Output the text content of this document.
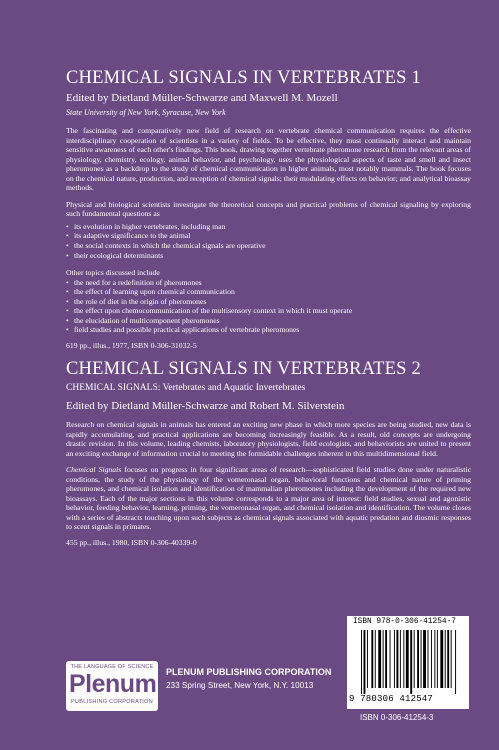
CHEMICAL SIGNALS IN VERTEBRATES 1

Edited by Dietland Müller-Schwarze and Maxwell M. Mozell

State University of New York, Syracuse, New York

The fascinating and comparatively new field of research on vertebrate chemical communication requires the effective interdisciplinary cooperation of scientists in a variety of fields. To be effective, they must continually interact and maintain sensitive awareness of each other's findings. This book, drawing together vertebrate pheromone research from the relevant areas of physiology, chemistry, ecology, animal behavior, and psychology, uses the physiological aspects of taste and smell and insect pheromones as a backdrop to the study of chemical communication in higher animals, most notably mammals. The book focuses on the chemical nature, production, and reception of chemical signals; their modulating effects on behavior; and analytical bioassay methods.

Physical and biological scientists investigate the theoretical concepts and practical problems of chemical signaling by exploring such fundamental questions as

• its evolution in higher vertebrates, including man
• its adaptive significance to the animal
• the social contexts in which the chemical signals are operative
• their ecological determinants

Other topics discussed include

• the need for a redefinition of pheromones
• the effect of learning upon chemical communication
• the role of diet in the origin of pheromones
• the effect upon chemocommunication of the multisensory context in which it must operate
• the elucidation of multicomponent pheromones
• field studies and possible practical applications of vertebrate pheromones

619 pp., illus., 1977, ISBN 0-306-31032-5

CHEMICAL SIGNALS IN VERTEBRATES 2

CHEMICAL SIGNALS: Vertebrates and Aquatic Invertebrates

Edited by Dietland Müller-Schwarze and Robert M. Silverstein

Research on chemical signals in animals has entered an exciting new phase in which more species are being studied, new data is rapidly accumulating, and practical applications are becoming increasingly feasible. As a result, old concepts are undergoing drastic revision. In this volume, leading chemists, laboratory physiologists, field ecologists, and behaviorists are united to present an exciting exchange of information crucial to meeting the formidable challenges inherent in this multidimensional field.

Chemical Signals focuses on progress in four significant areas of research—sophisticated field studies done under naturalistic conditions, the study of the physiology of the vomeronasal organ, behavioral functions and chemical nature of priming pheromones, and chemical isolation and identification of mammalian pheromones including the development of the required new bioassays. Each of the major sections in this volume corresponds to a major area of interest: field studies, sexual and agonistic behavior, feeding behavior, learning, priming, the vomeronasal organ, and chemical isolation and identification. The volume closes with a series of abstracts touching upon such subjects as chemical signals associated with aquatic predation and diosmic responses to scent signals in primates.

455 pp., illus., 1980, ISBN 0-306-40339-0

THE LANGUAGE OF SCIENCE
Plenum
PUBLISHING CORPORATION
PLENUM PUBLISHING CORPORATION
233 Spring Street, New York, N.Y. 10013
ISBN 978-0-306-41254-7
9 780306 412547
ISBN 0-306-41254-3
